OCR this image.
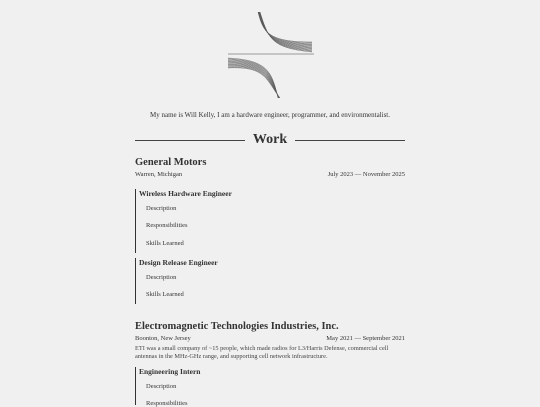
My name is Will Kelly, I am a hardware engineer, programmer, and environmentalist.
Work
General Motors
Warren, Michigan	July 2023 — November 2025
Wireless Hardware Engineer
Description
Responsibilities
Skills Learned
Design Release Engineer
Description
Skills Learned
Electromagnetic Technologies Industries, Inc.
Boonton, New Jersey	May 2021 — September 2021
ETI was a small company of ~15 people, which made radios for L3/Harris Defense, commercial cell antennas in the MHz-GHz range, and supporting cell network infrastructure.
Engineering Intern
Description
Responsibilities
